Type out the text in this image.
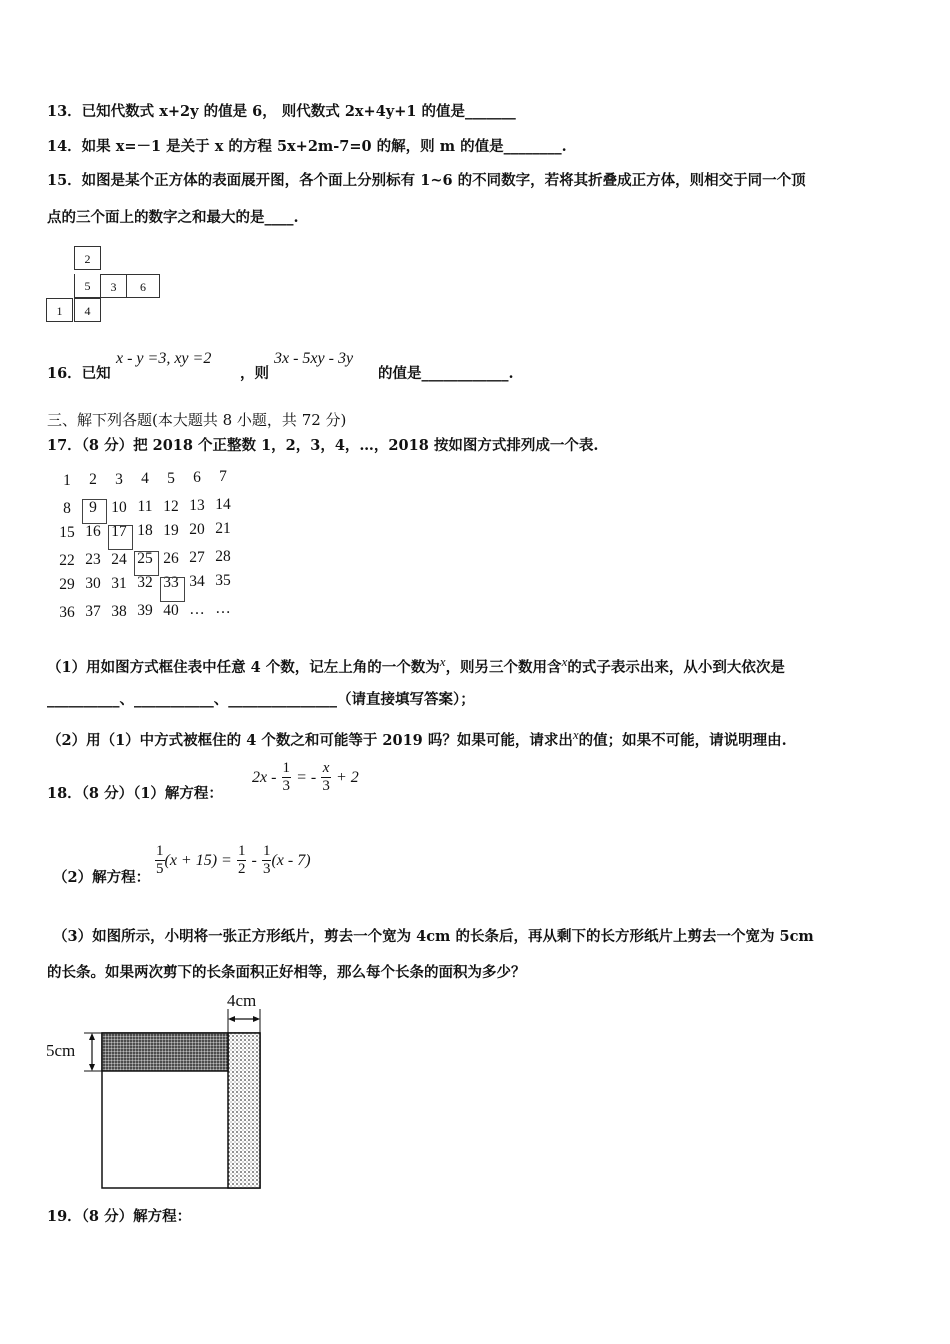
13．已知代数式 x+2y 的值是 6， 则代数式 2x+4y+1 的值是_______
14．如果 x=－1 是关于 x 的方程 5x+2m-7=0 的解，则 m 的值是________.
15．如图是某个正方体的表面展开图，各个面上分别标有 1~6 的不同数字，若将其折叠成正方体，则相交于同一个顶
点的三个面上的数字之和最大的是____.
2
5	3	6
1	4
16．已知
x - y =3, xy =2
，则
3x - 5xy - 3y
的值是____________.
三、解下列各题(本大题共 8 小题，共 72 分)
17．（8 分）把 2018 个正整数 1，2，3，4，…，2018 按如图方式排列成一个表.
1	2	3	4	5	6	7
8	9 10 11 12 13 14
15 16 17 18 19 20 21
22 23 24 25 26 27 28
29 30 31 32 33 34 35
36 37 38 39 40 … …
（1）用如图方式框住表中任意 4 个数，记左上角的一个数为x，则另三个数用含x的式子表示出来，从小到大依次是
__________、___________、_______________（请直接填写答案）；
（2）用（1）中方式被框住的 4 个数之和可能等于 2019 吗？如果可能，请求出x的值；如果不可能，请说明理由.
18．（8 分）（1）解方程：
$2x - \frac{1}{3}$ = - $\frac{x}{3} + 2$
（2）解方程： $\frac{1}{5} (x + 15) = \frac{1}{2} - \frac{1}{3} (x - 7)$
（3）如图所示，小明将一张正方形纸片，剪去一个宽为 4cm 的长条后，再从剩下的长方形纸片上剪去一个宽为 5cm
的长条。如果两次剪下的长条面积正好相等，那么每个长条的面积为多少？
4cm
5cm
19．（8 分）解方程：
